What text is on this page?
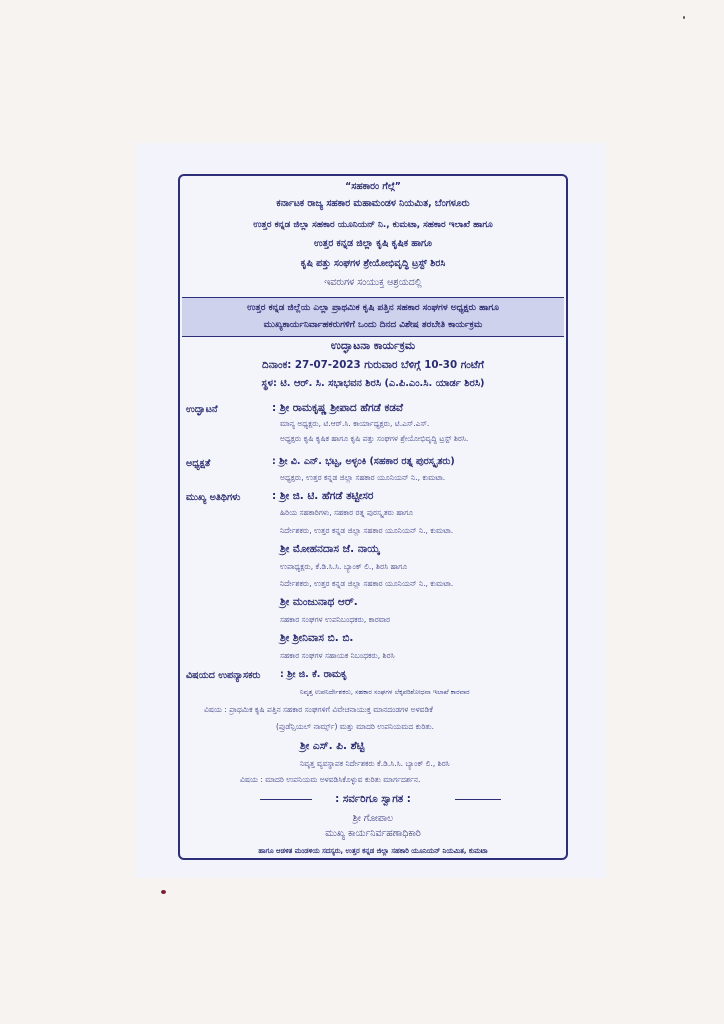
“ಸಹಕಾರಂ ಗೆಲ್ಗೆ”
ಕರ್ನಾಟಕ ರಾಜ್ಯ ಸಹಕಾರ ಮಹಾಮಂಡಳ ನಿಯಮಿತ, ಬೆಂಗಳೂರು
ಉತ್ತರ ಕನ್ನಡ ಜಿಲ್ಲಾ ಸಹಕಾರ ಯೂನಿಯನ್ ನಿ., ಕುಮಟಾ, ಸಹಕಾರ ಇಲಾಖೆ ಹಾಗೂ
ಉತ್ತರ ಕನ್ನಡ ಜಿಲ್ಲಾ ಕೃಷಿ ಕೃಷಿಕ ಹಾಗೂ
ಕೃಷಿ ಪತ್ತು ಸಂಘಗಳ ಶ್ರೇಯೋಭಿವೃದ್ಧಿ ಟ್ರಸ್ಟ್ ಶಿರಸಿ
ಇವರುಗಳ ಸಂಯುಕ್ತ ಆಶ್ರಯದಲ್ಲಿ
ಉತ್ತರ ಕನ್ನಡ ಜಿಲ್ಲೆಯ ಎಲ್ಲಾ ಪ್ರಾಥಮಿಕ ಕೃಷಿ ಪತ್ತಿನ ಸಹಕಾರ ಸಂಘಗಳ ಅಧ್ಯಕ್ಷರು ಹಾಗೂ
ಮುಖ್ಯಕಾರ್ಯನಿರ್ವಾಹಕರುಗಳಿಗೆ ಒಂದು ದಿನದ ವಿಶೇಷ ತರಬೇತಿ ಕಾರ್ಯಕ್ರಮ
ಉದ್ಘಾಟನಾ ಕಾರ್ಯಕ್ರಮ
ದಿನಾಂಕ: 27-07-2023 ಗುರುವಾರ ಬೆಳಿಗ್ಗೆ 10-30 ಗಂಟೆಗೆ
ಸ್ಥಳ: ಟಿ. ಆರ್. ಸಿ. ಸಭಾಭವನ ಶಿರಸಿ (ಎ.ಪಿ.ಎಂ.ಸಿ. ಯಾರ್ಡ ಶಿರಸಿ)
ಉದ್ಘಾಟನೆ	: ಶ್ರೀ ರಾಮಕೃಷ್ಣ ಶ್ರೀಪಾದ ಹೆಗಡೆ ಕಡವೆ
ಮಾನ್ಯ ಅಧ್ಯಕ್ಷರು, ಟಿ.ಆರ್.ಸಿ. ಕಾರ್ಯಾಧ್ಯಕ್ಷರು, ಟಿ.ಎಸ್.ಎಸ್.
ಅಧ್ಯಕ್ಷರು ಕೃಷಿ ಕೃಷಿಕ ಹಾಗೂ ಕೃಷಿ ಪತ್ತು ಸಂಘಗಳ ಶ್ರೇಯೋಭಿವೃದ್ಧಿ ಟ್ರಸ್ಟ್ ಶಿರಸಿ.
ಅಧ್ಯಕ್ಷತೆ	: ಶ್ರೀ ವಿ. ಎನ್. ಭಟ್ಟ, ಅಳ್ಳಂಕಿ (ಸಹಕಾರ ರತ್ನ ಪುರಸ್ಕೃತರು)
ಅಧ್ಯಕ್ಷರು, ಉತ್ತರ ಕನ್ನಡ ಜಿಲ್ಲಾ ಸಹಕಾರ ಯೂನಿಯನ್ ನಿ., ಕುಮಟಾ.
ಮುಖ್ಯ ಅತಿಥಿಗಳು	: ಶ್ರೀ ಜಿ. ಟಿ. ಹೆಗಡೆ ತಟ್ಟೀಸರ
ಹಿರಿಯ ಸಹಕಾರಿಗಳು, ಸಹಕಾರ ರತ್ನ ಪುರಸ್ಕೃತರು ಹಾಗೂ
ನಿರ್ದೇಶಕರು, ಉತ್ತರ ಕನ್ನಡ ಜಿಲ್ಲಾ ಸಹಕಾರ ಯೂನಿಯನ್ ನಿ., ಕುಮಟಾ.
ಶ್ರೀ ಮೋಹನದಾಸ ಜೆ. ನಾಯ್ಕ
ಉಪಾಧ್ಯಕ್ಷರು, ಕೆ.ಡಿ.ಸಿ.ಸಿ. ಬ್ಯಾಂಕ್ ಲಿ., ಶಿರಸಿ ಹಾಗೂ
ನಿರ್ದೇಶಕರು, ಉತ್ತರ ಕನ್ನಡ ಜಿಲ್ಲಾ ಸಹಕಾರ ಯೂನಿಯನ್ ನಿ., ಕುಮಟಾ.
ಶ್ರೀ ಮಂಜುನಾಥ ಆರ್.
ಸಹಕಾರ ಸಂಘಗಳ ಉಪನಿಬಂಧಕರು, ಕಾರವಾರ
ಶ್ರೀ ಶ್ರೀನಿವಾಸ ಬಿ. ಬಿ.
ಸಹಕಾರ ಸಂಘಗಳ ಸಹಾಯಕ ನಿಬಂಧಕರು, ಶಿರಸಿ
ವಿಷಯದ ಉಪನ್ಯಾಸಕರು : ಶ್ರೀ ಜಿ. ಕೆ. ರಾಮಕೃ
ನಿವೃತ್ತ ಉಪನಿರ್ದೇಶಕರು, ಸಹಕಾರ ಸಂಘಗಳ ಲೆಕ್ಕಪರಿಶೋಧನಾ ಇಲಾಖೆ ಕಾರವಾರ
ವಿಷಯ : ಪ್ರಾಥಮಿಕ ಕೃಷಿ ಪತ್ತಿನ ಸಹಕಾರ ಸಂಘಗಳಿಗೆ ವಿವೇಚನಾಯುಕ್ತ ಮಾನದಂಡಗಳ ಅಳವಡಿಕೆ
(ಪ್ರುಡೆನ್ಷಿಯಲ್ ನಾರ್ಮ್ಸ್) ಮತ್ತು ಮಾದರಿ ಉಪನಿಯಮದ ಕುರಿತು.
ಶ್ರೀ ಎಸ್. ಪಿ. ಶೆಟ್ಟಿ
ನಿವೃತ್ತ ವ್ಯವಸ್ಥಾಪಕ ನಿರ್ದೇಶಕರು ಕೆ.ಡಿ.ಸಿ.ಸಿ. ಬ್ಯಾಂಕ್ ಲಿ., ಶಿರಸಿ
ವಿಷಯ : ಮಾದರಿ ಉಪನಿಯಮ ಅಳವಡಿಸಿಕೊಳ್ಳುವ ಕುರಿತು ಮಾರ್ಗದರ್ಶನ.
: ಸರ್ವರಿಗೂ ಸ್ವಾಗತ :
ಶ್ರೀ ಗೋಪಾಲ
ಮುಖ್ಯ ಕಾರ್ಯನಿರ್ವಹಣಾಧಿಕಾರಿ
ಹಾಗೂ ಆಡಳಿತ ಮಂಡಳಿಯ ಸದಸ್ಯರು, ಉತ್ತರ ಕನ್ನಡ ಜಿಲ್ಲಾ ಸಹಕಾರಿ ಯೂನಿಯನ್ ನಿಯಮಿತ, ಕುಮಟಾ
